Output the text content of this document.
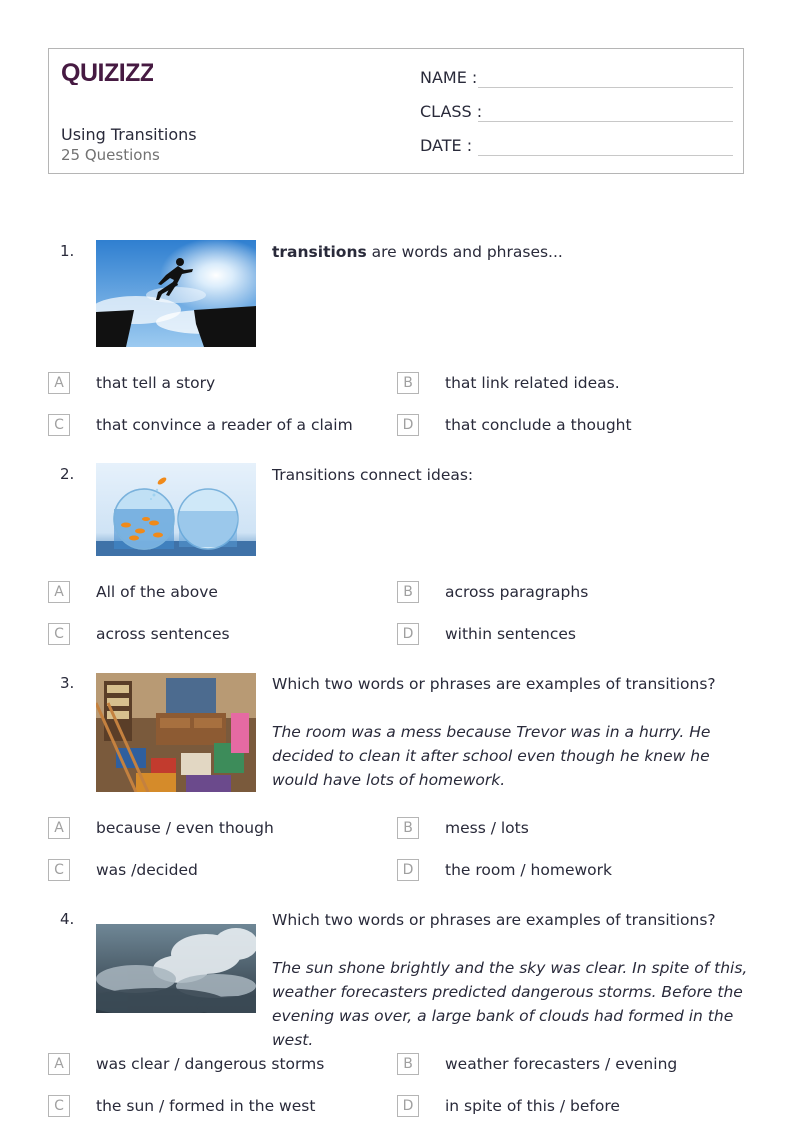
QUIZIZZ
Using Transitions
25 Questions
NAME :
CLASS :
DATE :
1.	transitions are words and phrases...
A	that tell a story	B	that link related ideas.
C	that convince a reader of a claim	D	that conclude a thought
2.	Transitions connect ideas:
A	All of the above	B	across paragraphs
C	across sentences	D	within sentences
3.	Which two words or phrases are examples of transitions?
The room was a mess because Trevor was in a hurry. He decided to clean it after school even though he knew he would have lots of homework.
A	because / even though	B	mess / lots
C	was /decided	D	the room / homework
4.	Which two words or phrases are examples of transitions?
The sun shone brightly and the sky was clear. In spite of this, weather forecasters predicted dangerous storms. Before the evening was over, a large bank of clouds had formed in the west.
A	was clear / dangerous storms	B	weather forecasters / evening
C	the sun / formed in the west	D	in spite of this / before
